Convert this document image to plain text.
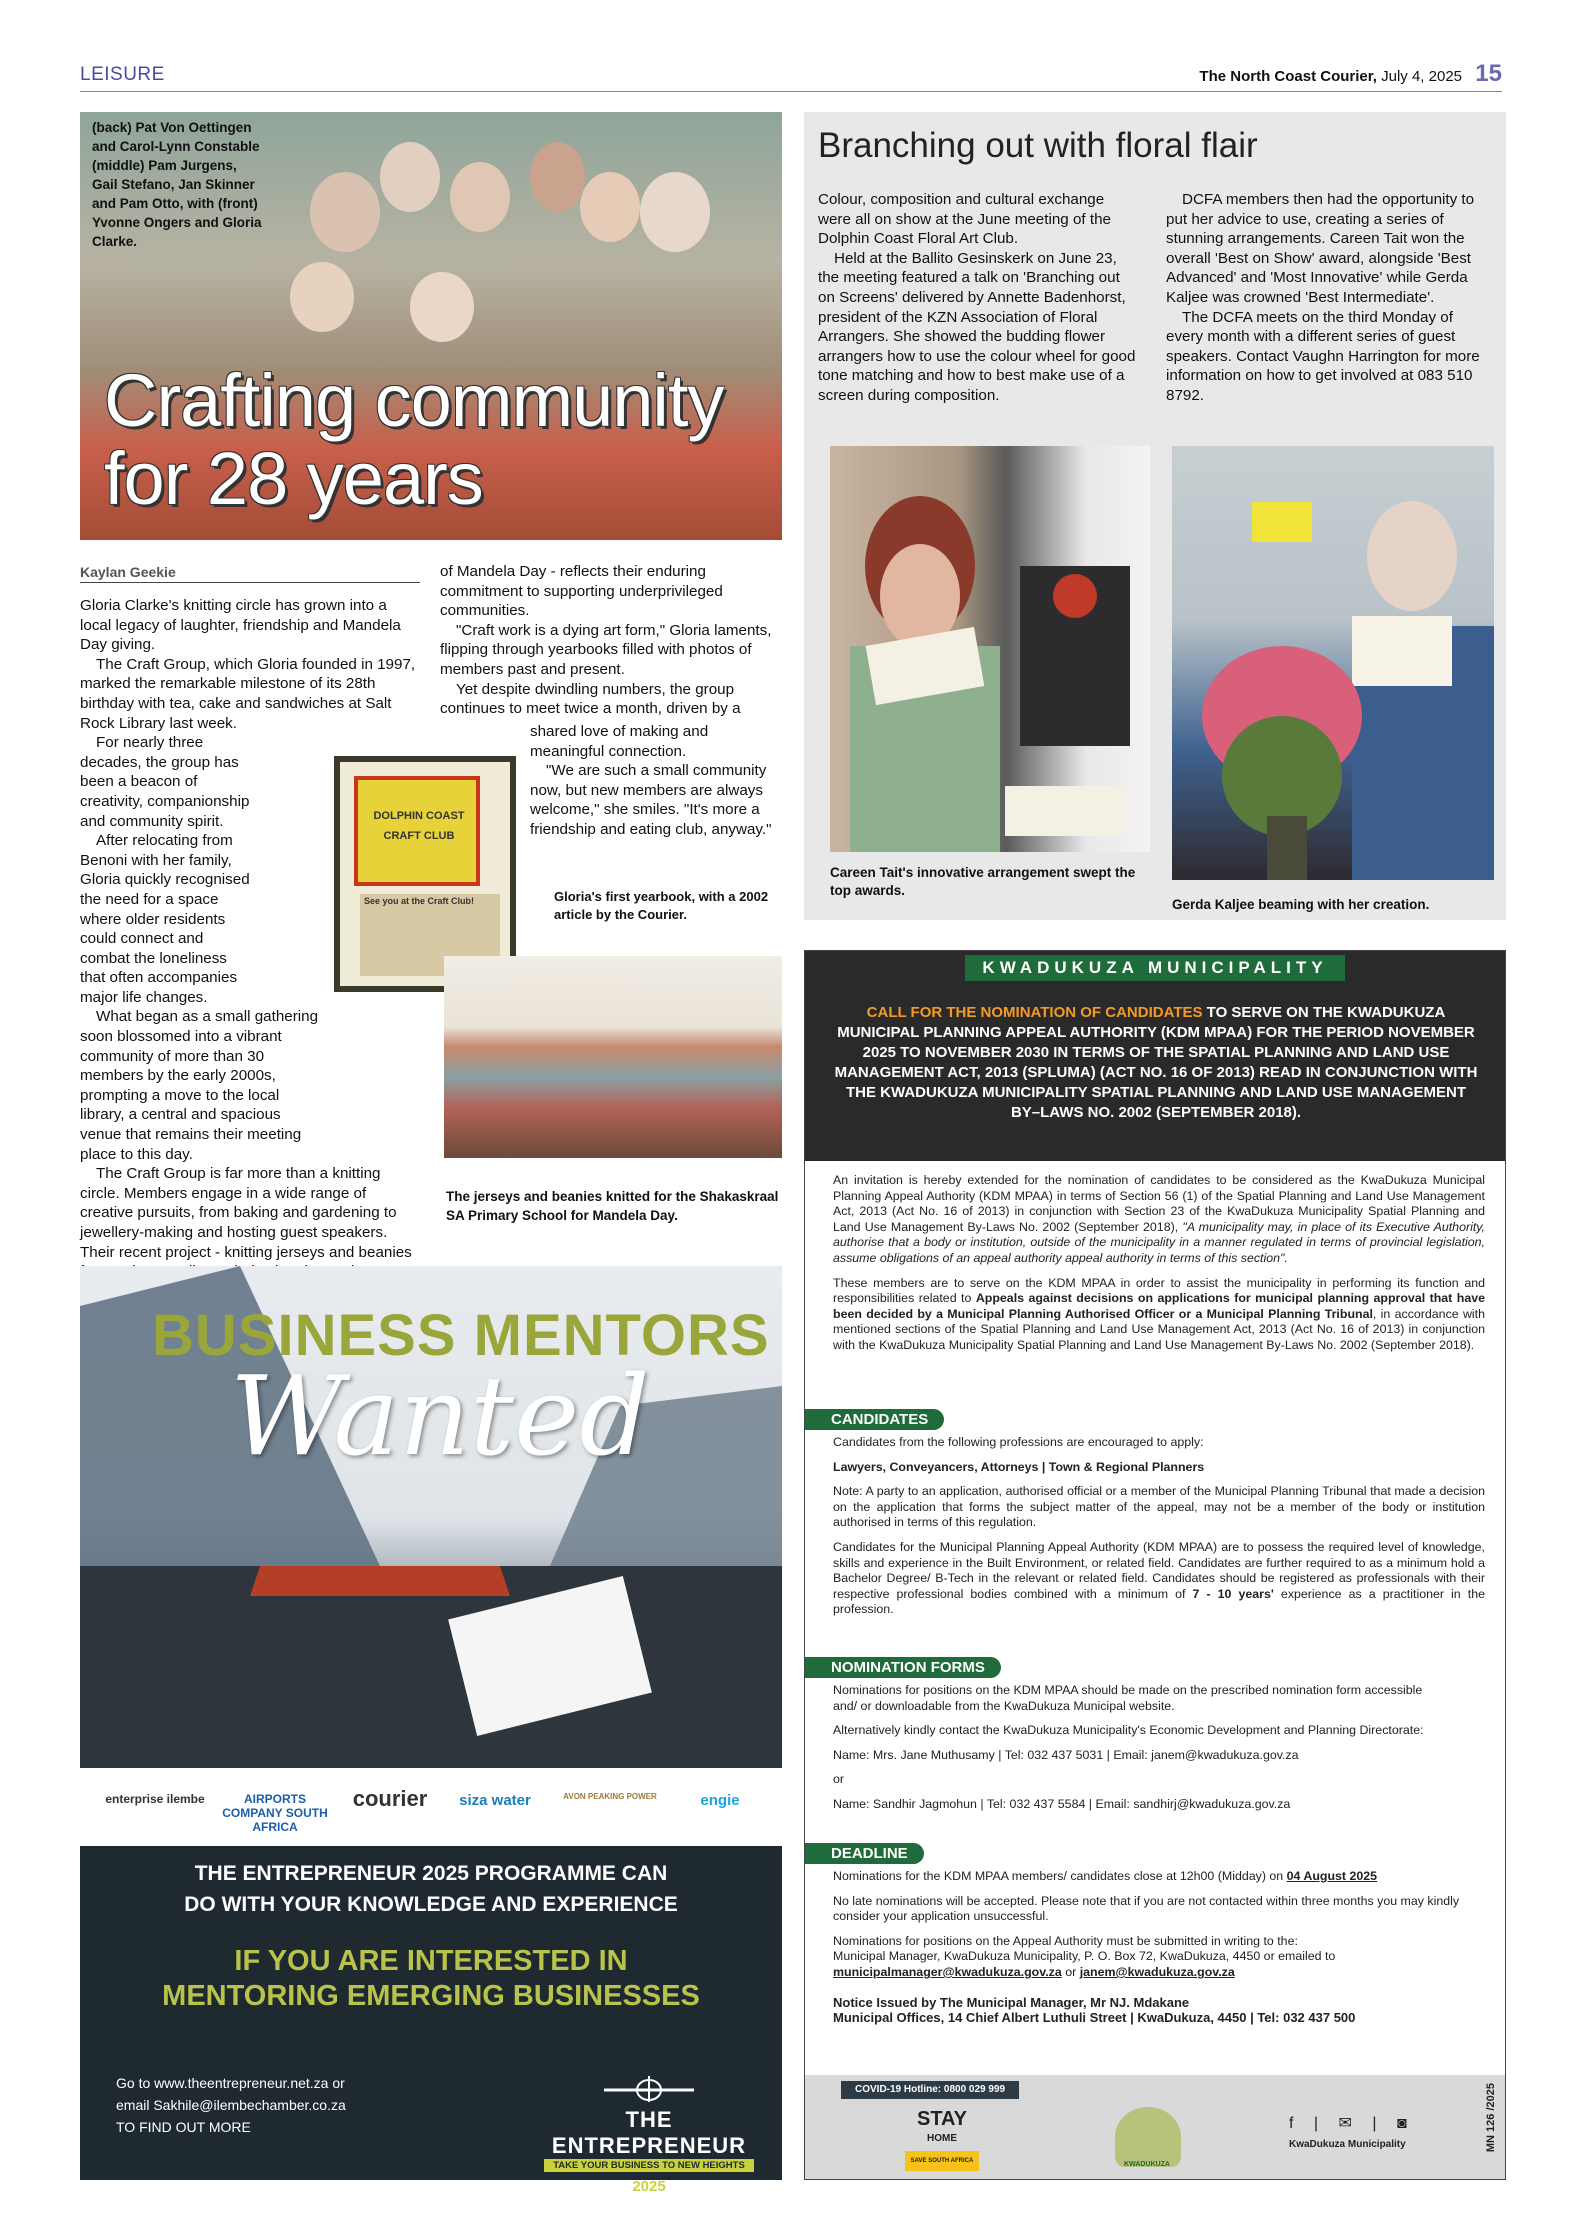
LEISURE	The North Coast Courier, July 4, 2025 15
(back) Pat Von Oettingen and Carol-Lynn Constable (middle) Pam Jurgens, Gail Stefano, Jan Skinner and Pam Otto, with (front) Yvonne Ongers and Gloria Clarke.
Crafting community
for 28 years
Kaylan Geekie

Gloria Clarke's knitting circle has grown into a local legacy of laughter, friendship and Mandela Day giving.

The Craft Group, which Gloria founded in 1997, marked the remarkable milestone of its 28th birthday with tea, cake and sandwiches at Salt Rock Library last week.

For nearly three decades, the group has been a beacon of creativity, companionship and community spirit.

After relocating from Benoni with her family, Gloria quickly recognised the need for a space where older residents could connect and combat the loneliness that often accompanies major life changes.

What began as a small gathering soon blossomed into a vibrant community of more than 30 members by the early 2000s, prompting a move to the local library, a central and spacious venue that remains their meeting place to this day.

The Craft Group is far more than a knitting circle. Members engage in a wide range of creative pursuits, from baking and gardening to jewellery-making and hosting guest speakers. Their recent project - knitting jerseys and beanies

of Mandela Day - reflects their enduring commitment to supporting underprivileged communities.

"Craft work is a dying art form," Gloria laments, flipping through yearbooks filled with photos of members past and present.

Yet despite dwindling numbers, the group continues to meet twice a month, driven by a

shared love of making and meaningful connection.

"We are such a small community now, but new members are always welcome," she smiles. "It's more a friendship and eating club, anyway."

DOLPHIN COAST
CRAFT CLUB
See you at the Craft Club!	Gloria's first yearbook, with a 2002 article by the Courier.
The jerseys and beanies knitted for the Shakaskraal SA Primary School for Mandela Day.
BUSINESS MENTORS
Wanted
enterprise ilembe	AIRPORTS COMPANY SOUTH AFRICA
courier	siza water	AVON PEAKING POWER	engie
THE ENTREPRENEUR 2025 PROGRAMME CAN
DO WITH YOUR KNOWLEDGE AND EXPERIENCE
IF YOU ARE INTERESTED IN
MENTORING EMERGING BUSINESSES
Go to www.theentrepreneur.net.za or
email Sakhile@ilembechamber.co.za
TO FIND OUT MORE	THE ENTREPRENEUR
TAKE YOUR BUSINESS TO NEW HEIGHTS
2025
Branching out with floral flair

Colour, composition and cultural exchange were all on show at the June meeting of the Dolphin Coast Floral Art Club.

Held at the Ballito Gesinskerk on June 23, the meeting featured a talk on 'Branching out on Screens' delivered by Annette Badenhorst, president of the KZN Association of Floral Arrangers. She showed the budding flower arrangers how to use the colour wheel for good tone matching and how to best make use of a screen during composition.

DCFA members then had the opportunity to put her advice to use, creating a series of stunning arrangements. Careen Tait won the overall 'Best on Show' award, alongside 'Best Advanced' and 'Most Innovative' while Gerda Kaljee was crowned 'Best Intermediate'.

The DCFA meets on the third Monday of every month with a different series of guest speakers. Contact Vaughn Harrington for more information on how to get involved at 083 510 8792.

Careen Tait's innovative arrangement swept the top awards.
Gerda Kaljee beaming with her creation.
KWADUKUZA MUNICIPALITY
CALL FOR THE NOMINATION OF CANDIDATES TO SERVE ON THE KWADUKUZA MUNICIPAL PLANNING APPEAL AUTHORITY (KDM MPAA) FOR THE PERIOD NOVEMBER 2025 TO NOVEMBER 2030 IN TERMS OF THE SPATIAL PLANNING AND LAND USE MANAGEMENT ACT, 2013 (SPLUMA) (ACT NO. 16 OF 2013) READ IN CONJUNCTION WITH THE KWADUKUZA MUNICIPALITY SPATIAL PLANNING AND LAND USE MANAGEMENT BY–LAWS NO. 2002 (SEPTEMBER 2018).

An invitation is hereby extended for the nomination of candidates to be considered as the KwaDukuza Municipal Planning Appeal Authority (KDM MPAA) in terms of Section 56 (1) of the Spatial Planning and Land Use Management Act, 2013 (Act No. 16 of 2013) in conjunction with Section 23 of the KwaDukuza Municipality Spatial Planning and Land Use Management By-Laws No. 2002 (September 2018), "A municipality may, in place of its Executive Authority, authorise that a body or institution, outside of the municipality in a manner regulated in terms of provincial legislation, assume obligations of an appeal authority appeal authority in terms of this section".

These members are to serve on the KDM MPAA in order to assist the municipality in performing its function and responsibilities related to Appeals against decisions on applications for municipal planning approval that have been decided by a Municipal Planning Authorised Officer or a Municipal Planning Tribunal, in accordance with mentioned sections of the Spatial Planning and Land Use Management Act, 2013 (Act No. 16 of 2013) in conjunction with the KwaDukuza Municipality Spatial Planning and Land Use Management By-Laws No. 2002 (September 2018).

CANDIDATES

Candidates from the following professions are encouraged to apply:

Lawyers, Conveyancers, Attorneys | Town & Regional Planners

Note: A party to an application, authorised official or a member of the Municipal Planning Tribunal that made a decision on the application that forms the subject matter of the appeal, may not be a member of the body or institution authorised in terms of this regulation.

Candidates for the Municipal Planning Appeal Authority (KDM MPAA) are to possess the required level of knowledge, skills and experience in the Built Environment, or related field. Candidates are further required to as a minimum hold a Bachelor Degree/ B-Tech in the relevant or related field. Candidates should be registered as professionals with their respective professional bodies combined with a minimum of 7 - 10 years' experience as a practitioner in the profession.

NOMINATION FORMS

Nominations for positions on the KDM MPAA should be made on the prescribed nomination form accessible and/ or downloadable from the KwaDukuza Municipal website.

Alternatively kindly contact the KwaDukuza Municipality's Economic Development and Planning Directorate:

Name: Mrs. Jane Muthusamy | Tel: 032 437 5031 | Email: janem@kwadukuza.gov.za

or

Name: Sandhir Jagmohun | Tel: 032 437 5584 | Email: sandhirj@kwadukuza.gov.za

DEADLINE

Nominations for the KDM MPAA members/ candidates close at 12h00 (Midday) on 04 August 2025

No late nominations will be accepted. Please note that if you are not contacted within three months you may kindly consider your application unsuccessful.

Nominations for positions on the Appeal Authority must be submitted in writing to the:
Municipal Manager, KwaDukuza Municipality, P. O. Box 72, KwaDukuza, 4450 or emailed to
municipalmanager@kwadukuza.gov.za or janem@kwadukuza.gov.za

Notice Issued by The Municipal Manager, Mr NJ. Mdakane
Municipal Offices, 14 Chief Albert Luthuli Street | KwaDukuza, 4450 | Tel: 032 437 500

COVID-19 Hotline: 0800 029 999
STAY
HOME
SAVE SOUTH AFRICA	KWADUKUZA
f | ✉ | ◙
KwaDukuza Municipality	MN 126 /2025
